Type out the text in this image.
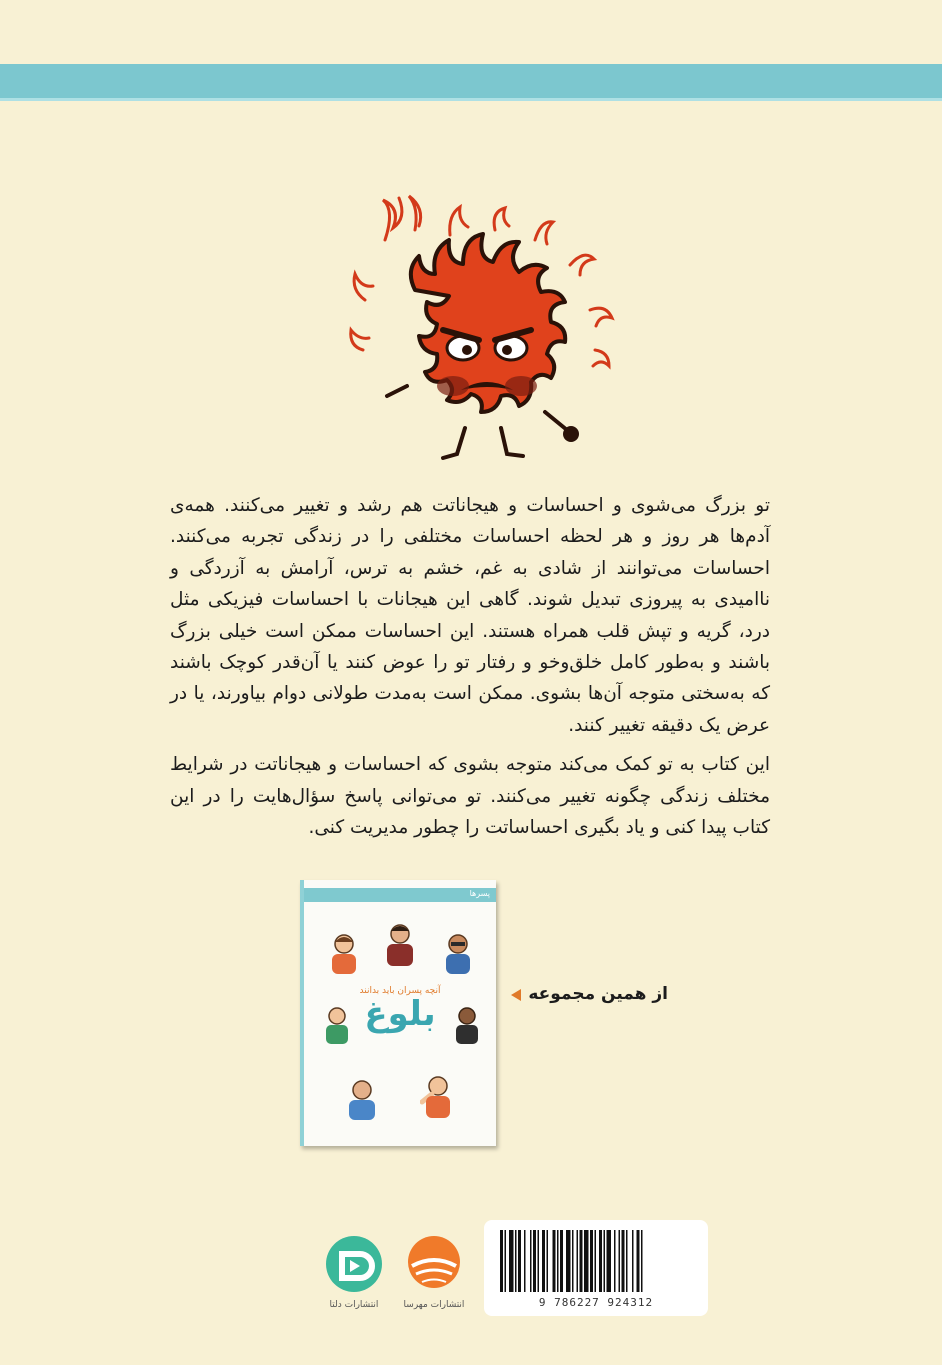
تو بزرگ می‌شوی و احساسات و هیجاناتت هم رشد و تغییر می‌کنند. همه‌ی آدم‌ها هر روز و هر لحظه احساسات مختلفی را در زندگی تجربه می‌کنند. احساسات می‌توانند از شادی به غم، خشم به ترس، آرامش به آزردگی و ناامیدی به پیروزی تبدیل شوند. گاهی این هیجانات با احساسات فیزیکی مثل درد، گریه و تپش قلب همراه هستند. این احساسات ممکن است خیلی بزرگ باشند و به‌طور کامل خلق‌وخو و رفتار تو را عوض کنند یا آن‌قدر کوچک باشند که به‌سختی متوجه آن‌ها بشوی. ممکن است به‌مدت طولانی دوام بیاورند، یا در عرض یک دقیقه تغییر کنند.

این کتاب به تو کمک می‌کند متوجه بشوی که احساسات و هیجاناتت در شرایط مختلف زندگی چگونه تغییر می‌کنند. تو می‌توانی پاسخ سؤال‌هایت را در این کتاب پیدا کنی و یاد بگیری احساساتت را چطور مدیریت کنی.

پسرها
آنچه پسران باید بدانند
بلوغ	از همین مجموعه
انتشارات دلتا	انتشارات مهرسا	9 786227 924312
